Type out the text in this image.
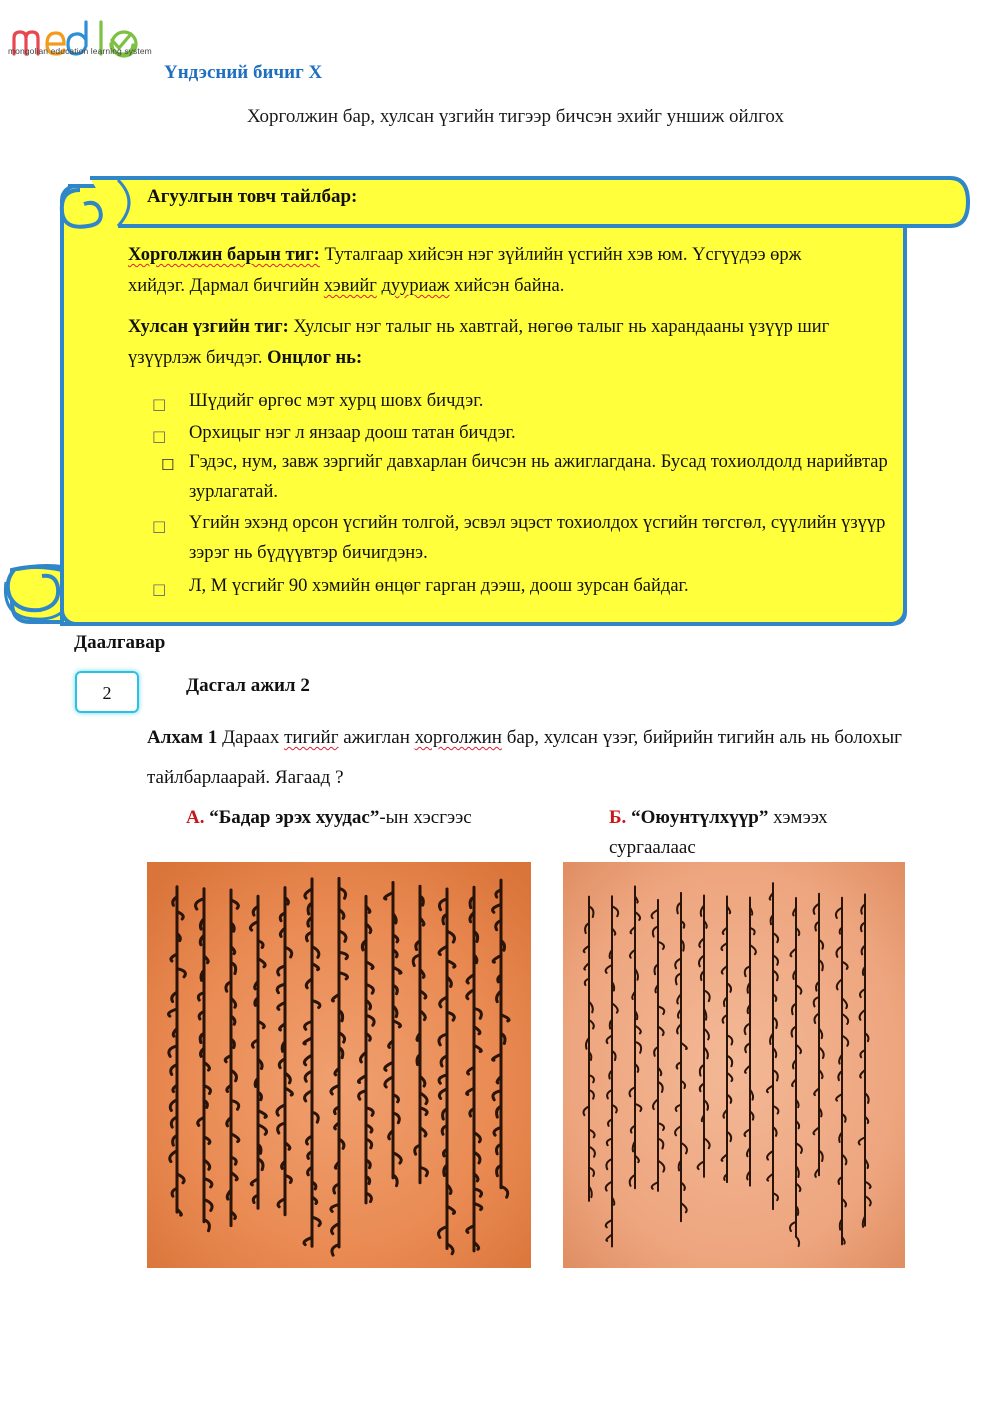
medle
mongolian education learning system
Үндэсний бичиг X
Хорголжин бар, хулсан үзгийн тигээр бичсэн эхийг уншиж ойлгох
Агуулгын товч тайлбар:
Хорголжин барын тиг: Туталгаар хийсэн нэг зүйлийн үсгийн хэв юм. Үсгүүдээ өрж хийдэг. Дармал бичгийн хэвийг дууриаж хийсэн байна.
Хулсан үзгийн тиг: Хулсыг нэг талыг нь хавтгай, нөгөө талыг нь харандааны үзүүр шиг үзүүрлэж бичдэг. Онцлог нь:
□ Шүдийг өргөс мэт хурц шовх бичдэг.
□ Орхицыг нэг л янзаар доош татан бичдэг.
☐ Гэдэс, нум, завж зэргийг давхарлан бичсэн нь ажиглагдана. Бусад тохиолдолд нарийвтар зурлагатай.
□ Үгийн эхэнд орсон үсгийн толгой, эсвэл эцэст тохиолдох үсгийн төгсгөл, сүүлийн үзүүр зэрэг нь бүдүүвтэр бичигдэнэ.
□ Л, М үсгийг 90 хэмийн өнцөг гарган дээш, доош зурсан байдаг.
Даалгавар
2	Дасгал ажил 2
Алхам 1 Дараах тигийг ажиглан хорголжин бар, хулсан үзэг, бийрийн тигийн аль нь болохыг тайлбарлаарай. Яагаад ?
А. “Бадар эрэх хуудас”-ын хэсгээс	Б. “Оюунтүлхүүр” хэмээх сургаалаас
